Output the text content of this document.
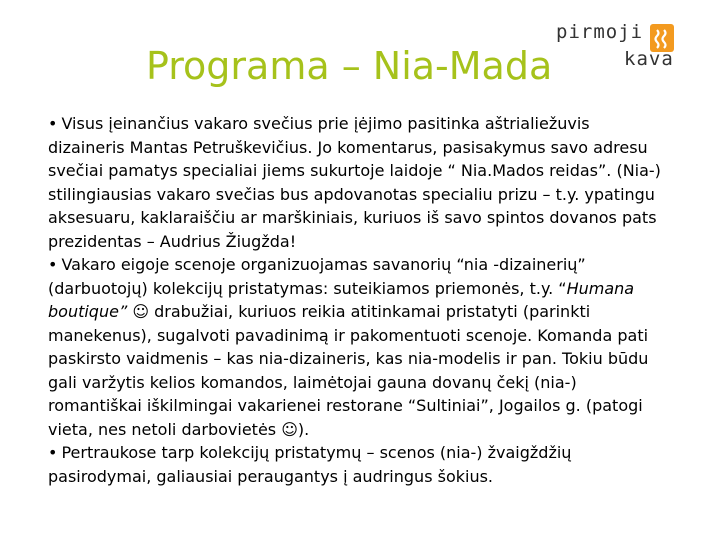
Programa – Nia-Mada
pirmoji
kava

• Visus įeinančius vakaro svečius prie įėjimo pasitinka aštrialiežuvis dizaineris Mantas Petruškevičius. Jo komentarus, pasisakymus savo adresu svečiai pamatys specialiai jiems sukurtoje laidoje “ Nia.Mados reidas”. (Nia-) stilingiausias vakaro svečias bus apdovanotas specialiu prizu – t.y. ypatingu aksesuaru, kaklaraiščiu ar marškiniais, kuriuos iš savo spintos dovanos pats prezidentas – Audrius Žiugžda!

• Vakaro eigoje scenoje organizuojamas savanorių “nia -dizainerių” (darbuotojų) kolekcijų pristatymas: suteikiamos priemonės, t.y. “Humana boutique” ☺ drabužiai, kuriuos reikia atitinkamai pristatyti (parinkti manekenus), sugalvoti pavadinimą ir pakomentuoti scenoje. Komanda pati paskirsto vaidmenis – kas nia-dizaineris, kas nia-modelis ir pan. Tokiu būdu gali varžytis kelios komandos, laimėtojai gauna dovanų čekį (nia-) romantiškai iškilmingai vakarienei restorane “Sultiniai”, Jogailos g. (patogi vieta, nes netoli darbovietės ☺).

• Pertraukose tarp kolekcijų pristatymų – scenos (nia-) žvaigždžių pasirodymai, galiausiai peraugantys į audringus šokius.
